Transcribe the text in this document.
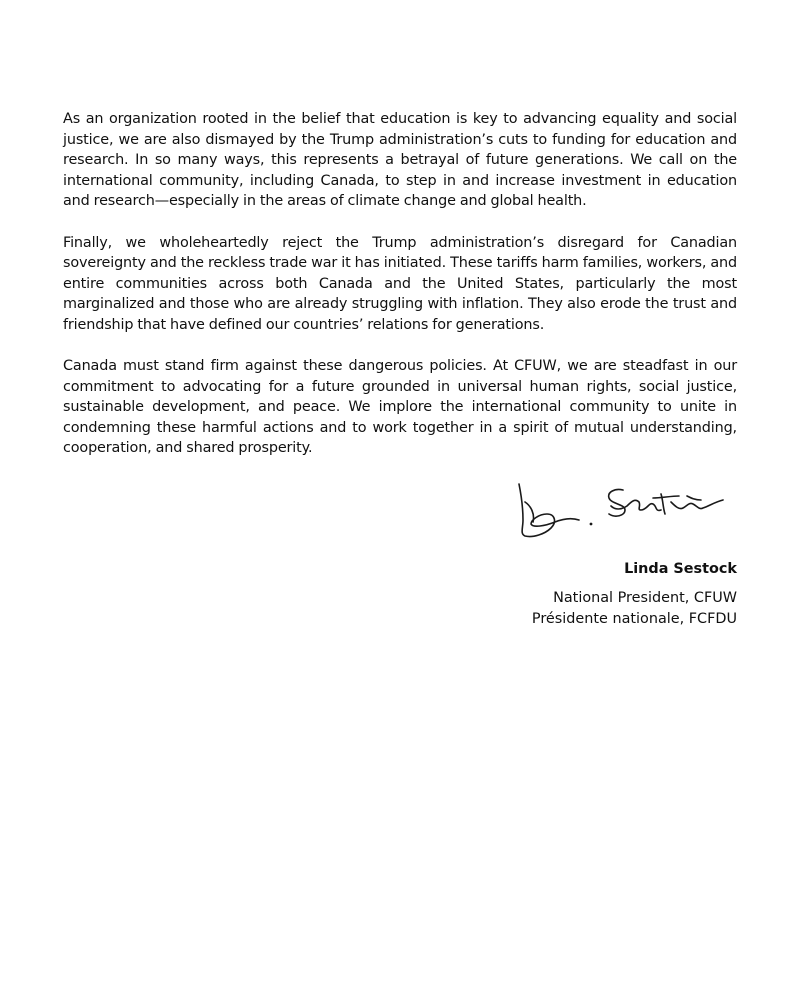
As an organization rooted in the belief that education is key to advancing equality and social justice, we are also dismayed by the Trump administration’s cuts to funding for education and research. In so many ways, this represents a betrayal of future generations. We call on the international community, including Canada, to step in and increase investment in education and research—especially in the areas of climate change and global health.

Finally, we wholeheartedly reject the Trump administration’s disregard for Canadian sovereignty and the reckless trade war it has initiated. These tariffs harm families, workers, and entire communities across both Canada and the United States, particularly the most marginalized and those who are already struggling with inflation. They also erode the trust and friendship that have defined our countries’ relations for generations.

Canada must stand firm against these dangerous policies. At CFUW, we are steadfast in our commitment to advocating for a future grounded in universal human rights, social justice, sustainable development, and peace. We implore the international community to unite in condemning these harmful actions and to work together in a spirit of mutual understanding, cooperation, and shared prosperity.

Linda Sestock
National President, CFUW
Présidente nationale, FCFDU
